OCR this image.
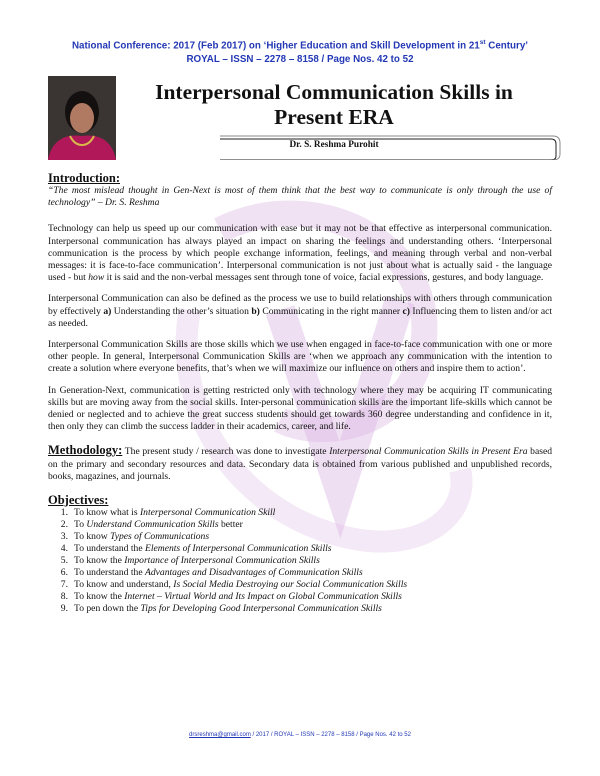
National Conference: 2017 (Feb 2017) on ‘Higher Education and Skill Development in 21st Century’
ROYAL – ISSN – 2278 – 8158 / Page Nos. 42 to 52
Interpersonal Communication Skills in
Present ERA
Dr. S. Reshma Purohit

Introduction:

“The most mislead thought in Gen-Next is most of them think that the best way to communicate is only through the use of technology” – Dr. S. Reshma

Technology can help us speed up our communication with ease but it may not be that effective as interpersonal communication. Interpersonal communication has always played an impact on sharing the feelings and understanding others. ‘Interpersonal communication is the process by which people exchange information, feelings, and meaning through verbal and non-verbal messages: it is face-to-face communication’. Interpersonal communication is not just about what is actually said - the language used - but how it is said and the non-verbal messages sent through tone of voice, facial expressions, gestures, and body language.

Interpersonal Communication can also be defined as the process we use to build relationships with others through communication by effectively a) Understanding the other’s situation b) Communicating in the right manner c) Influencing them to listen and/or act as needed.

Interpersonal Communication Skills are those skills which we use when engaged in face-to-face communication with one or more other people. In general, Interpersonal Communication Skills are ‘when we approach any communication with the intention to create a solution where everyone benefits, that’s when we will maximize our influence on others and inspire them to action’.

In Generation-Next, communication is getting restricted only with technology where they may be acquiring IT communicating skills but are moving away from the social skills. Inter-personal communication skills are the important life-skills which cannot be denied or neglected and to achieve the great success students should get towards 360 degree understanding and confidence in it, then only they can climb the success ladder in their academics, career, and life.

Methodology: The present study / research was done to investigate Interpersonal Communication Skills in Present Era based on the primary and secondary resources and data. Secondary data is obtained from various published and unpublished records, books, magazines, and journals.

Objectives:

1. To know what is Interpersonal Communication Skill
2. To Understand Communication Skills better
3. To know Types of Communications
4. To understand the Elements of Interpersonal Communication Skills
5. To know the Importance of Interpersonal Communication Skills
6. To understand the Advantages and Disadvantages of Communication Skills
7. To know and understand, Is Social Media Destroying our Social Communication Skills
8. To know the Internet – Virtual World and Its Impact on Global Communication Skills
9. To pen down the Tips for Developing Good Interpersonal Communication Skills
drsreshma@gmail.com / 2017 / ROYAL – ISSN – 2278 – 8158 / Page Nos. 42 to 52
